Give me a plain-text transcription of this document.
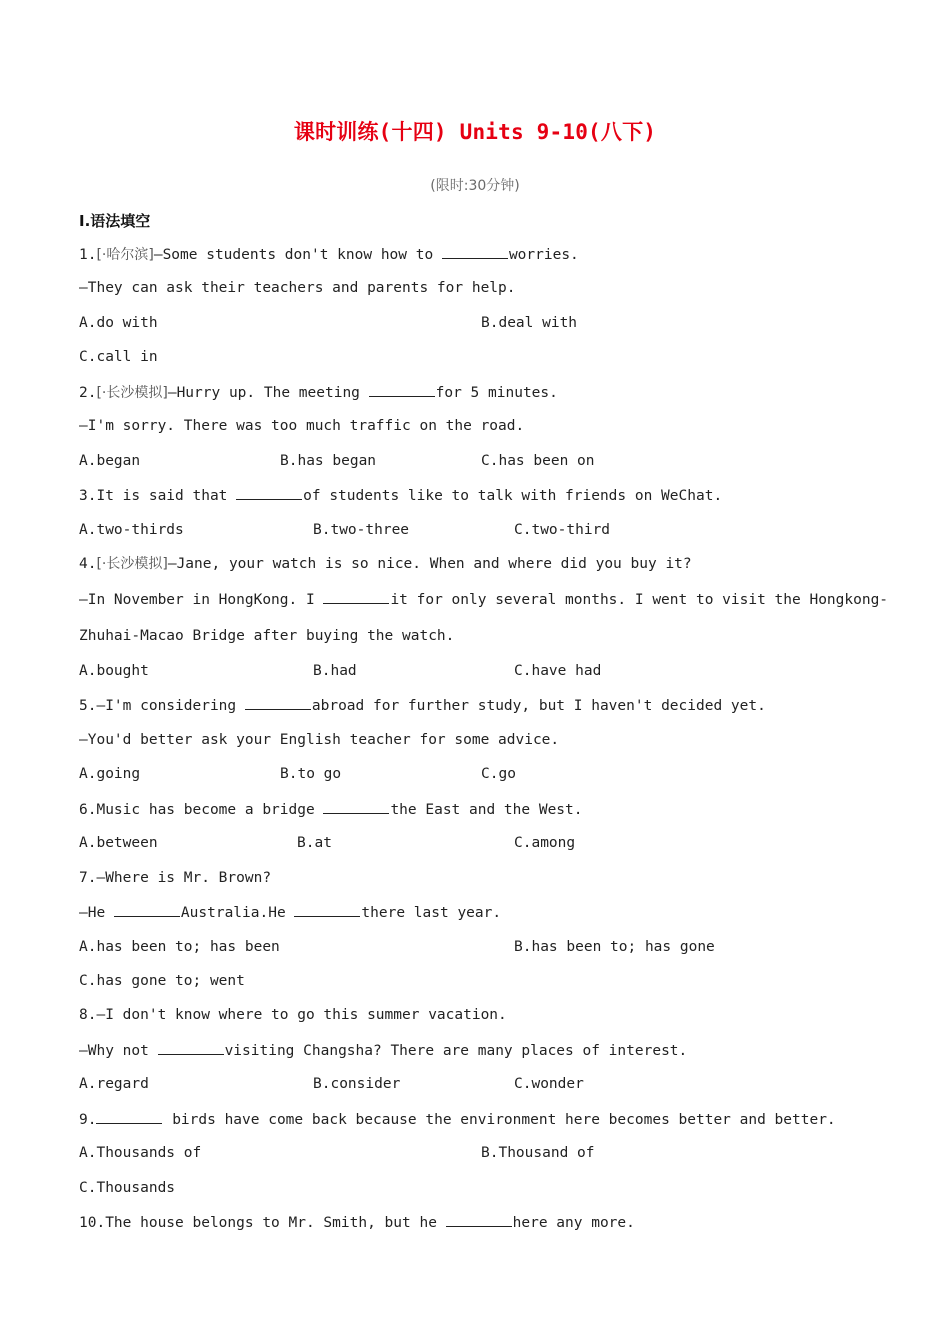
课时训练(十四) Units 9-10(八下)
(限时:30分钟)
Ⅰ.语法填空
1.[·哈尔滨]—Some students don't know how to	worries.
—They can ask their teachers and parents for help.
A.do with	B.deal with
C.call in
2.[·长沙模拟]—Hurry up. The meeting	for 5 minutes.
—I'm sorry. There was too much traffic on the road.
A.began	B.has began	C.has been on
3.It is said that	of students like to talk with friends on WeChat.
A.two-thirds	B.two-three	C.two-third
4.[·长沙模拟]—Jane, your watch is so nice. When and where did you buy it?
—In November in HongKong. I	it for only several months. I went to visit the Hongkong-
Zhuhai-Macao Bridge after buying the watch.
A.bought	B.had	C.have had
5.—I'm considering	abroad for further study, but I haven't decided yet.
—You'd better ask your English teacher for some advice.
A.going	B.to go	C.go
6.Music has become a bridge	the East and the West.
A.between	B.at	C.among
7.—Where is Mr. Brown?
—He	Australia.He	there last year.
A.has been to; has been	B.has been to; has gone
C.has gone to; went
8.—I don't know where to go this summer vacation.
—Why not	visiting Changsha? There are many places of interest.
A.regard	B.consider	C.wonder
9.	birds have come back because the environment here becomes better and better.
A.Thousands of	B.Thousand of
C.Thousands
10.The house belongs to Mr. Smith, but he	here any more.
